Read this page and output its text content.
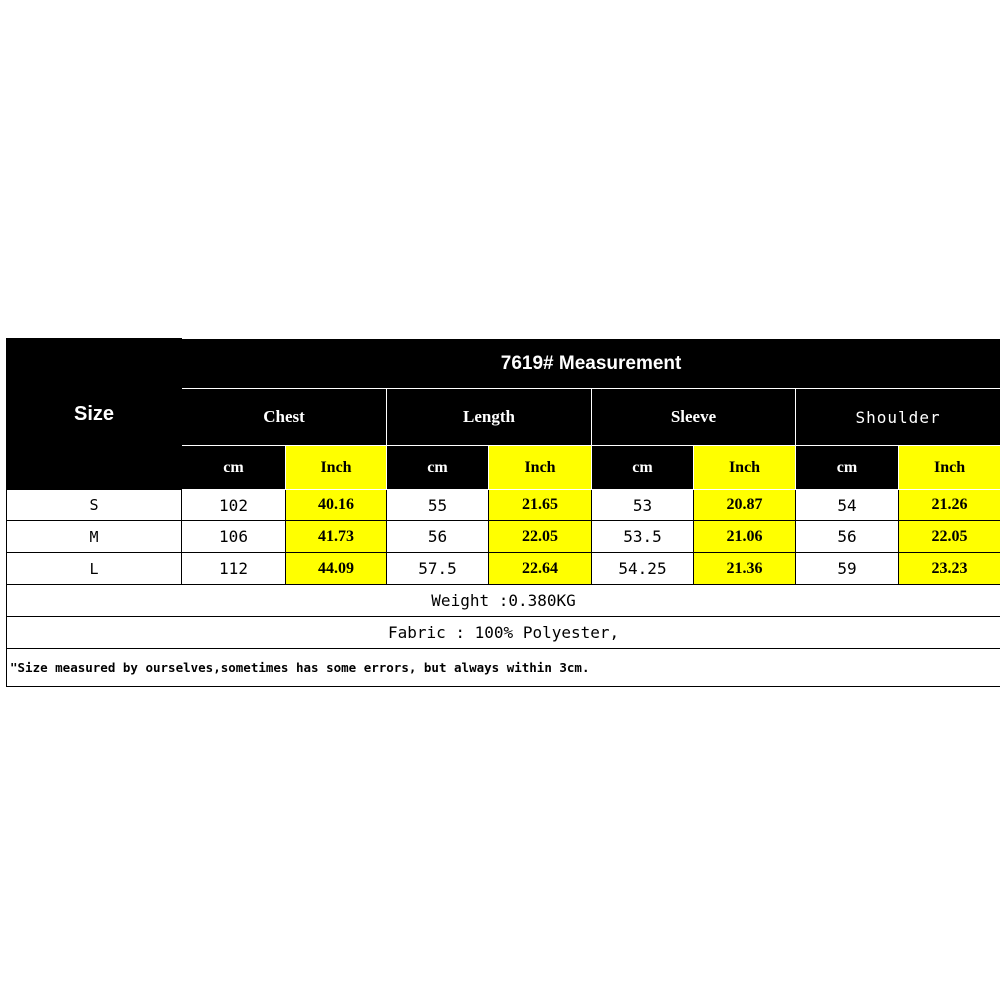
Size	7619# Measurement							
	Chest		Length		Sleeve		Shoulder	
	cm	Inch	cm	Inch	cm	Inch	cm	Inch
S	102	40.16	55	21.65	53	20.87	54	21.26
M	106	41.73	56	22.05	53.5	21.06	56	22.05
L	112	44.09	57.5	22.64	54.25	21.36	59	23.23
Weight :0.380KG								
Fabric : 100% Polyester,								
"Size measured by ourselves,sometimes has some errors, but always within 3cm.								
